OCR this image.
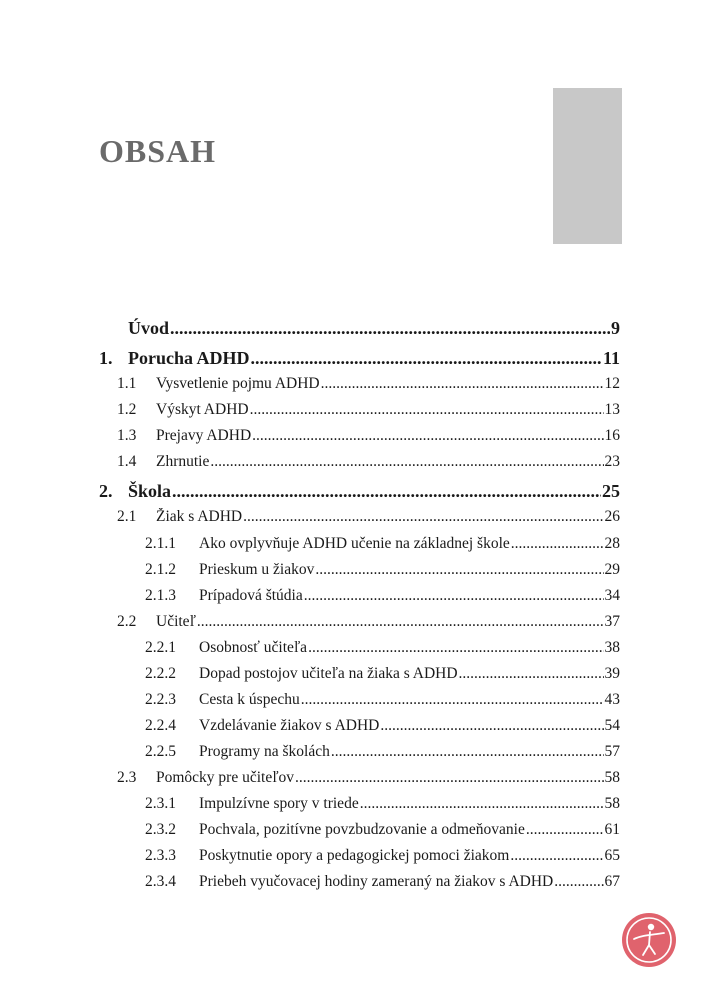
OBSAH
Úvod .....	9
1. Porucha ADHD .....	11
1.1	Vysvetlenie pojmu ADHD .....	12
1.2	Výskyt ADHD .....	13
1.3	Prejavy ADHD .....	16
1.4	Zhrnutie .....	23
2. Škola .....	25
2.1	Žiak s ADHD .....	26
2.1.1	Ako ovplyvňuje ADHD učenie na základnej škole .....	28
2.1.2	Prieskum u žiakov .....	29
2.1.3	Prípadová štúdia .....	34
2.2	Učiteľ .....	37
2.2.1	Osobnosť učiteľa .....	38
2.2.2	Dopad postojov učiteľa na žiaka s ADHD .....	39
2.2.3	Cesta k úspechu .....	43
2.2.4	Vzdelávanie žiakov s ADHD .....	54
2.2.5	Programy na školách .....	57
2.3	Pomôcky pre učiteľov .....	58
2.3.1	Impulzívne spory v triede .....	58
2.3.2	Pochvala, pozitívne povzbudzovanie a odmeňovanie .....	61
2.3.3	Poskytnutie opory a pedagogickej pomoci žiakom .....	65
2.3.4	Priebeh vyučovacej hodiny zameraný na žiakov s ADHD .....	67
